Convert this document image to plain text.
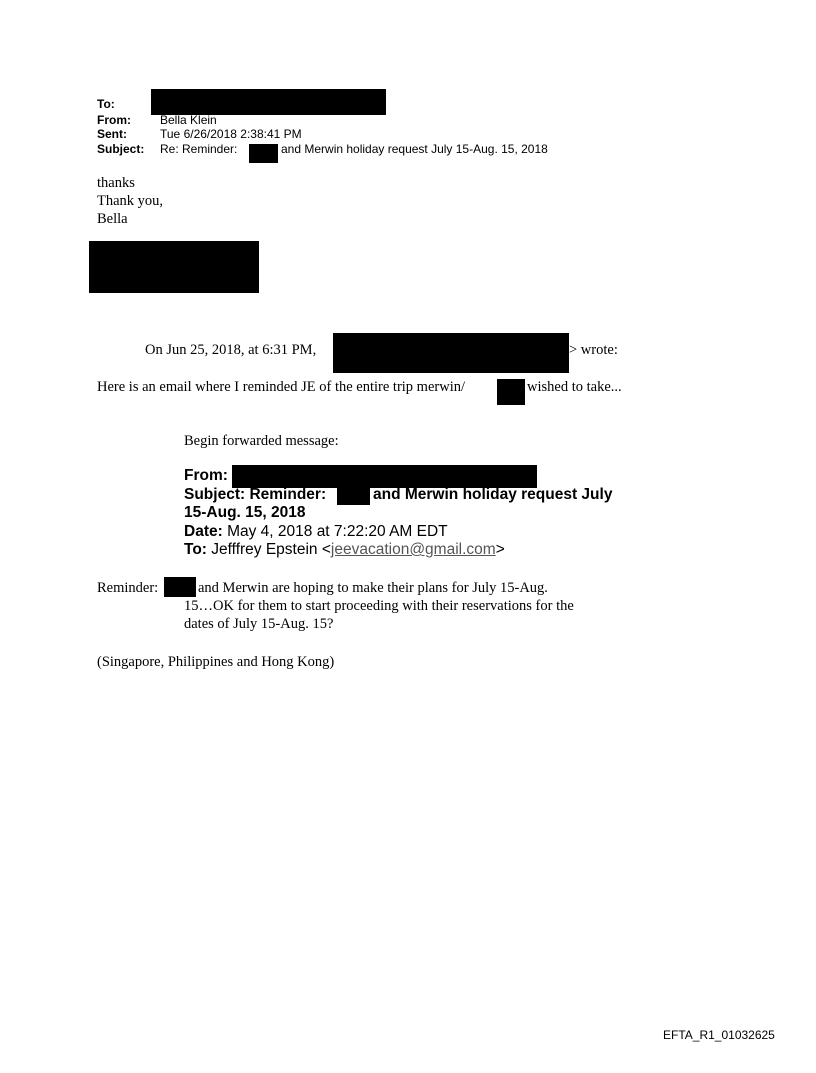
To:
From: Bella Klein
Sent:	Tue 6/26/2018 2:38:41 PM
Subject: Re: Reminder:	and Merwin holiday request July 15-Aug. 15, 2018
thanks
Thank you,
Bella
On Jun 25, 2018, at 6:31 PM,	> wrote:
Here is an email where I reminded JE of the entire trip merwin/	wished to take...
Begin forwarded message:
From:
Subject: Reminder:	and Merwin holiday request July
15-Aug. 15, 2018
Date: May 4, 2018 at 7:22:20 AM EDT
To: Jefffrey Epstein <jeevacation@gmail.com>
Reminder:	and Merwin are hoping to make their plans for July 15-Aug.
15…OK for them to start proceeding with their reservations for the
dates of July 15-Aug. 15?
(Singapore, Philippines and Hong Kong)
EFTA_R1_01032625
